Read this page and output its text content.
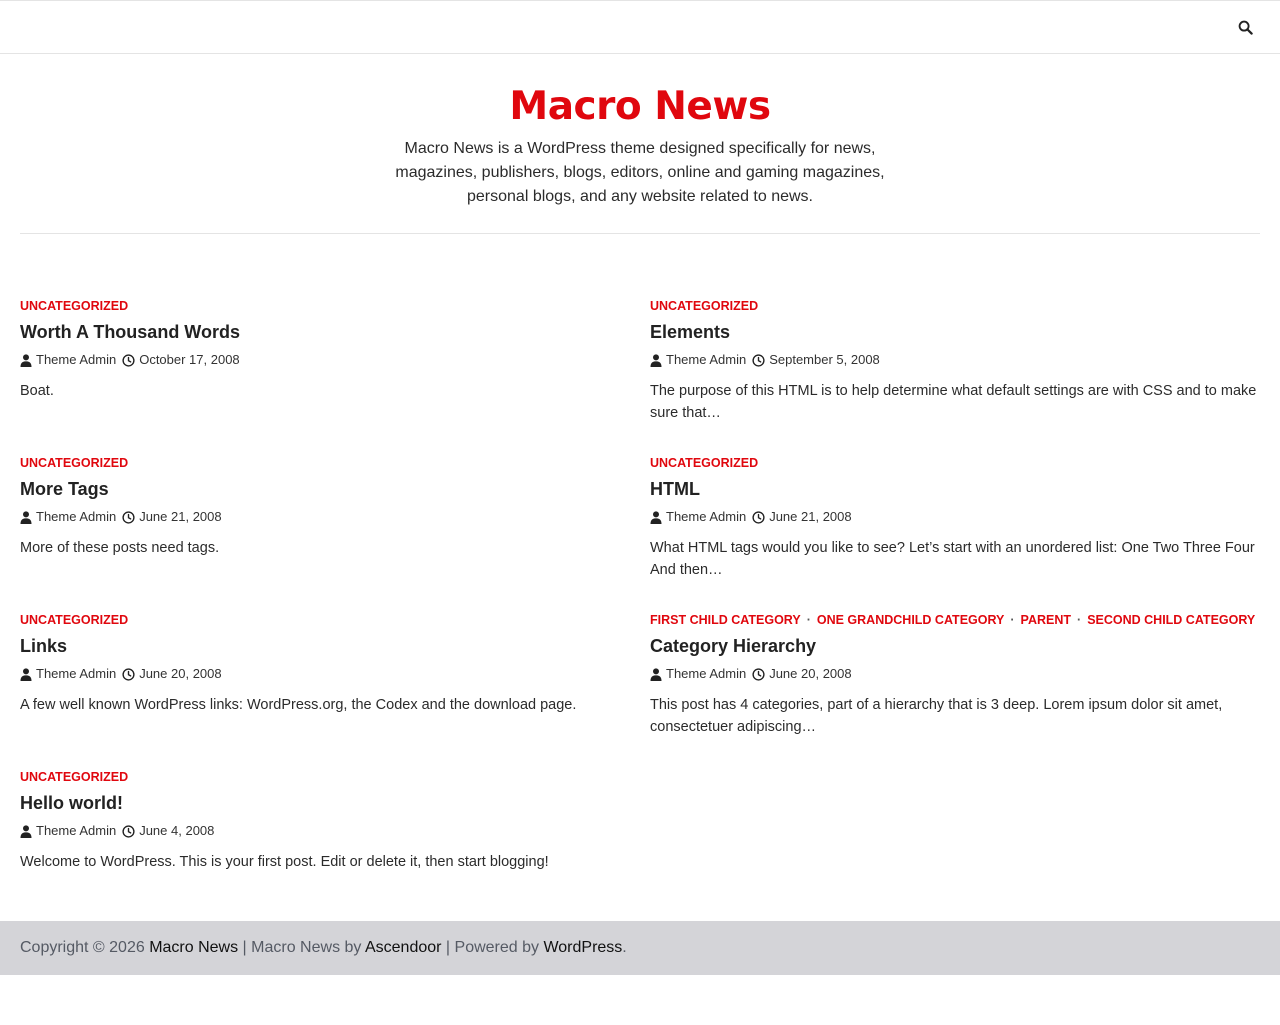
Macro News

Macro News is a WordPress theme designed specifically for news, magazines, publishers, blogs, editors, online and gaming magazines, personal blogs, and any website related to news.

UNCATEGORIZED
Worth A Thousand Words
Theme Admin October 17, 2008

Boat.

UNCATEGORIZED
Elements
Theme Admin September 5, 2008

The purpose of this HTML is to help determine what default settings are with CSS and to make sure that…

UNCATEGORIZED
More Tags
Theme Admin June 21, 2008

More of these posts need tags.

UNCATEGORIZED
HTML
Theme Admin June 21, 2008

What HTML tags would you like to see? Let’s start with an unordered list: One Two Three Four And then…

UNCATEGORIZED
Links
Theme Admin June 20, 2008

A few well known WordPress links: WordPress.org, the Codex and the download page.

FIRST CHILD CATEGORY · ONE GRANDCHILD CATEGORY · PARENT · SECOND CHILD CATEGORY
Category Hierarchy
Theme Admin June 20, 2008

This post has 4 categories, part of a hierarchy that is 3 deep. Lorem ipsum dolor sit amet, consectetuer adipiscing…

UNCATEGORIZED
Hello world!
Theme Admin June 4, 2008

Welcome to WordPress. This is your first post. Edit or delete it, then start blogging!

Copyright © 2026 Macro News | Macro News by Ascendoor | Powered by WordPress.
